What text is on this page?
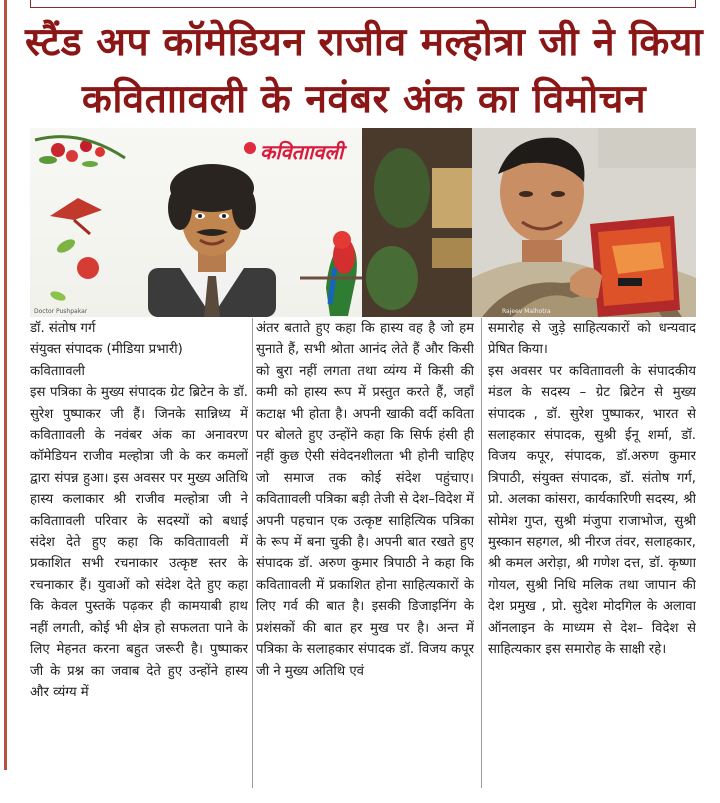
स्टैंड अप कॉमेडियन राजीव मल्होत्रा जी ने किया
कविताावली के नवंबर अंक का विमोचन
कविताावली
Doctor Pushpakar	Rajeev Malhotra
डॉ. संतोष गर्ग
संयुक्त संपादक (मीडिया प्रभारी)
कविताावली

इस पत्रिका के मुख्य संपादक ग्रेट ब्रिटेन के डॉ. सुरेश पुष्पाकर जी हैं। जिनके सान्निध्य में कविताावली के नवंबर अंक का अनावरण कॉमेडियन राजीव मल्होत्रा जी के कर कमलों द्वारा संपन्न हुआ। इस अवसर पर मुख्य अतिथि हास्य कलाकार श्री राजीव मल्होत्रा जी ने कविताावली परिवार के सदस्यों को बधाई संदेश देते हुए कहा कि कविताावली में प्रकाशित सभी रचनाकार उत्कृष्ट स्तर के रचनाकार हैं। युवाओं को संदेश देते हुए कहा कि केवल पुस्तकें पढ़कर ही कामयाबी हाथ नहीं लगती, कोई भी क्षेत्र हो सफलता पाने के लिए मेहनत करना बहुत जरूरी है। पुष्पाकर जी के प्रश्न का जवाब देते हुए उन्होंने हास्य और व्यंग्य में

अंतर बताते हुए कहा कि हास्य वह है जो हम सुनाते हैं, सभी श्रोता आनंद लेते हैं और किसी को बुरा नहीं लगता तथा व्यंग्य में किसी की कमी को हास्य रूप में प्रस्तुत करते हैं, जहाँ कटाक्ष भी होता है। अपनी खाकी वर्दी कविता पर बोलते हुए उन्होंने कहा कि सिर्फ हंसी ही नहीं कुछ ऐसी संवेदनशीलता भी होनी चाहिए जो समाज तक कोई संदेश पहुंचाए। कविताावली पत्रिका बड़ी तेजी से देश–विदेश में अपनी पहचान एक उत्कृष्ट साहित्यिक पत्रिका के रूप में बना चुकी है। अपनी बात रखते हुए संपादक डॉ. अरुण कुमार त्रिपाठी ने कहा कि कविताावली में प्रकाशित होना साहित्यकारों के लिए गर्व की बात है। इसकी डिजाइनिंग के प्रशंसकों की बात हर मुख पर है। अन्त में पत्रिका के सलाहकार संपादक डॉ. विजय कपूर जी ने मुख्य अतिथि एवं

समारोह से जुड़े साहित्यकारों को धन्यवाद प्रेषित किया।

इस अवसर पर कविताावली के संपादकीय मंडल के सदस्य – ग्रेट ब्रिटेन से मुख्य संपादक , डॉ. सुरेश पुष्पाकर, भारत से सलाहकार संपादक, सुश्री ईनू शर्मा, डॉ. विजय कपूर, संपादक, डॉ.अरुण कुमार त्रिपाठी, संयुक्त संपादक, डॉ. संतोष गर्ग, प्रो. अलका कांसरा, कार्यकारिणी सदस्य, श्री सोमेश गुप्त, सुश्री मंजुपा राजाभोज, सुश्री मुस्कान सहगल, श्री नीरज तंवर, सलाहकार, श्री कमल अरोड़ा, श्री गणेश दत्त, डॉ. कृष्णा गोयल, सुश्री निधि मलिक तथा जापान की देश प्रमुख , प्रो. सुदेश मोदगिल के अलावा ऑनलाइन के माध्यम से देश– विदेश से साहित्यकार इस समारोह के साक्षी रहे।
